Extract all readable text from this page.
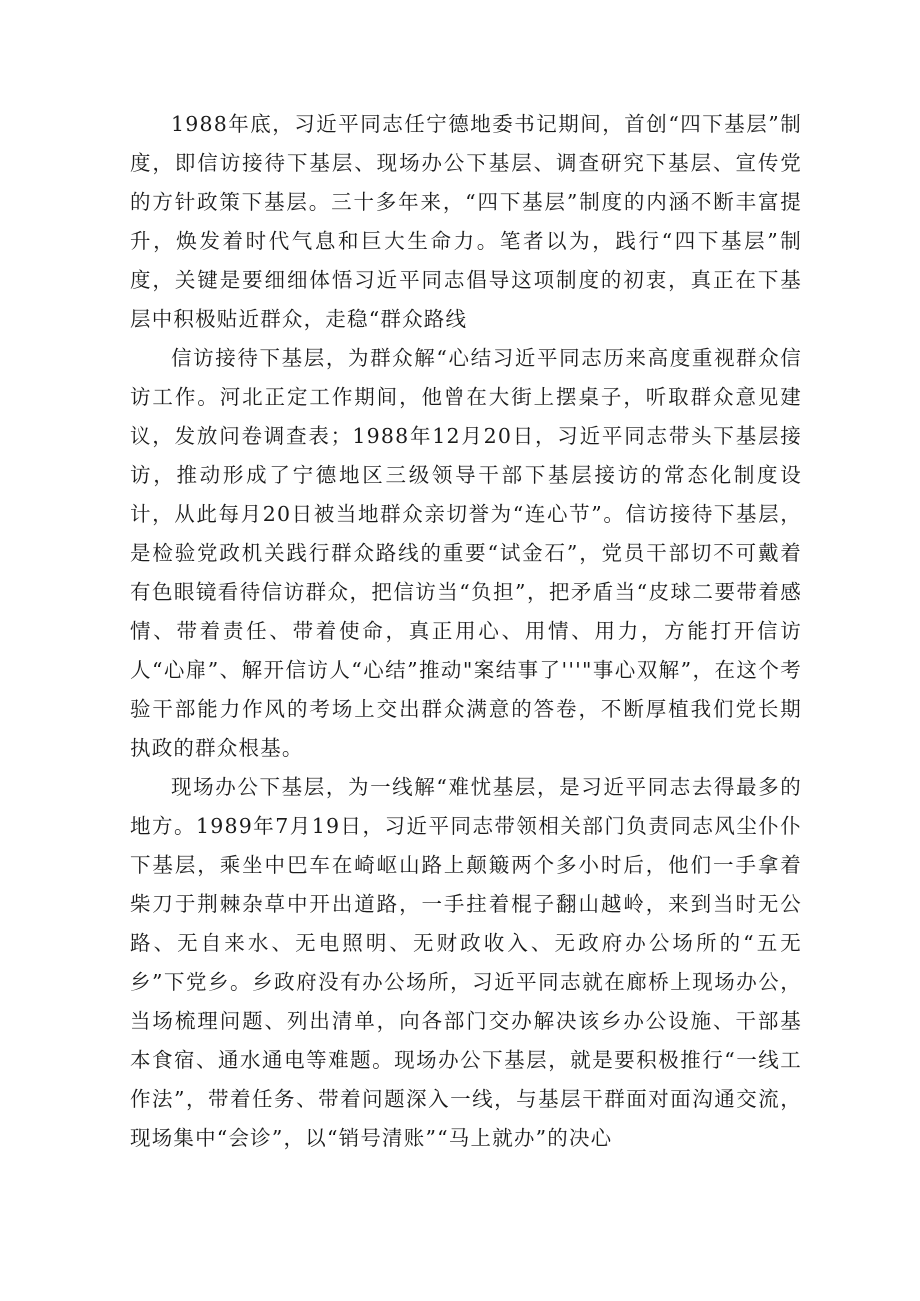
1988年底，习近平同志任宁德地委书记期间，首创“四下基层”制度，即信访接待下基层、现场办公下基层、调查研究下基层、宣传党的方针政策下基层。三十多年来，“四下基层”制度的内涵不断丰富提升，焕发着时代气息和巨大生命力。笔者以为，践行“四下基层”制度，关键是要细细体悟习近平同志倡导这项制度的初衷，真正在下基层中积极贴近群众，走稳“群众路线

信访接待下基层，为群众解“心结习近平同志历来高度重视群众信访工作。河北正定工作期间，他曾在大街上摆桌子，听取群众意见建议，发放问卷调查表；1988年12月20日，习近平同志带头下基层接访，推动形成了宁德地区三级领导干部下基层接访的常态化制度设计，从此每月20日被当地群众亲切誉为“连心节”。信访接待下基层，是检验党政机关践行群众路线的重要“试金石”，党员干部切不可戴着有色眼镜看待信访群众，把信访当“负担”，把矛盾当“皮球二要带着感情、带着责任、带着使命，真正用心、用情、用力，方能打开信访人“心扉”、解开信访人“心结”推动"案结事了'''"事心双解”，在这个考验干部能力作风的考场上交出群众满意的答卷，不断厚植我们党长期执政的群众根基。

现场办公下基层，为一线解“难忧基层，是习近平同志去得最多的地方。1989年7月19日，习近平同志带领相关部门负责同志风尘仆仆下基层，乘坐中巴车在崎岖山路上颠簸两个多小时后，他们一手拿着柴刀于荆棘杂草中开出道路，一手拄着棍子翻山越岭，来到当时无公路、无自来水、无电照明、无财政收入、无政府办公场所的“五无乡”下党乡。乡政府没有办公场所，习近平同志就在廊桥上现场办公，当场梳理问题、列出清单，向各部门交办解决该乡办公设施、干部基本食宿、通水通电等难题。现场办公下基层，就是要积极推行“一线工作法”，带着任务、带着问题深入一线，与基层干群面对面沟通交流，现场集中“会诊”，以“销号清账”“马上就办”的决心
